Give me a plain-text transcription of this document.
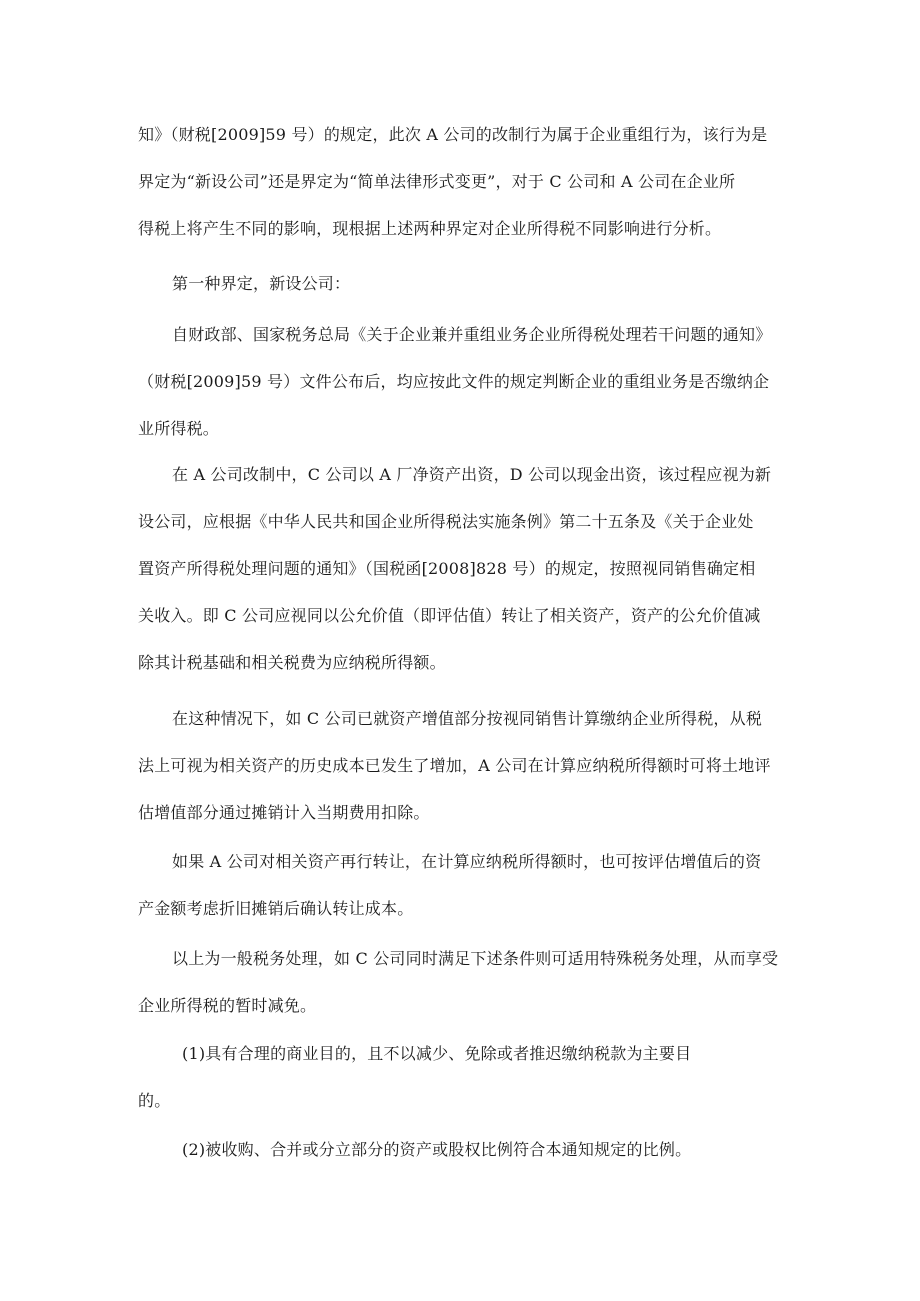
知》（财税[2009]59 号）的规定，此次 A 公司的改制行为属于企业重组行为，该行为是
界定为“新设公司”还是界定为“简单法律形式变更”，对于 C 公司和 A 公司在企业所
得税上将产生不同的影响，现根据上述两种界定对企业所得税不同影响进行分析。

第一种界定，新设公司：

自财政部、国家税务总局《关于企业兼并重组业务企业所得税处理若干问题的通知》
（财税[2009]59 号）文件公布后，均应按此文件的规定判断企业的重组业务是否缴纳企
业所得税。

在 A 公司改制中，C 公司以 A 厂净资产出资，D 公司以现金出资，该过程应视为新
设公司，应根据《中华人民共和国企业所得税法实施条例》第二十五条及《关于企业处
置资产所得税处理问题的通知》（国税函[2008]828 号）的规定，按照视同销售确定相
关收入。即 C 公司应视同以公允价值（即评估值）转让了相关资产，资产的公允价值减
除其计税基础和相关税费为应纳税所得额。

在这种情况下，如 C 公司已就资产增值部分按视同销售计算缴纳企业所得税，从税
法上可视为相关资产的历史成本已发生了增加，A 公司在计算应纳税所得额时可将土地评
估增值部分通过摊销计入当期费用扣除。

如果 A 公司对相关资产再行转让，在计算应纳税所得额时，也可按评估增值后的资
产金额考虑折旧摊销后确认转让成本。

以上为一般税务处理，如 C 公司同时满足下述条件则可适用特殊税务处理，从而享受
企业所得税的暂时减免。

(1)具有合理的商业目的，且不以减少、免除或者推迟缴纳税款为主要目
的。

(2)被收购、合并或分立部分的资产或股权比例符合本通知规定的比例。
